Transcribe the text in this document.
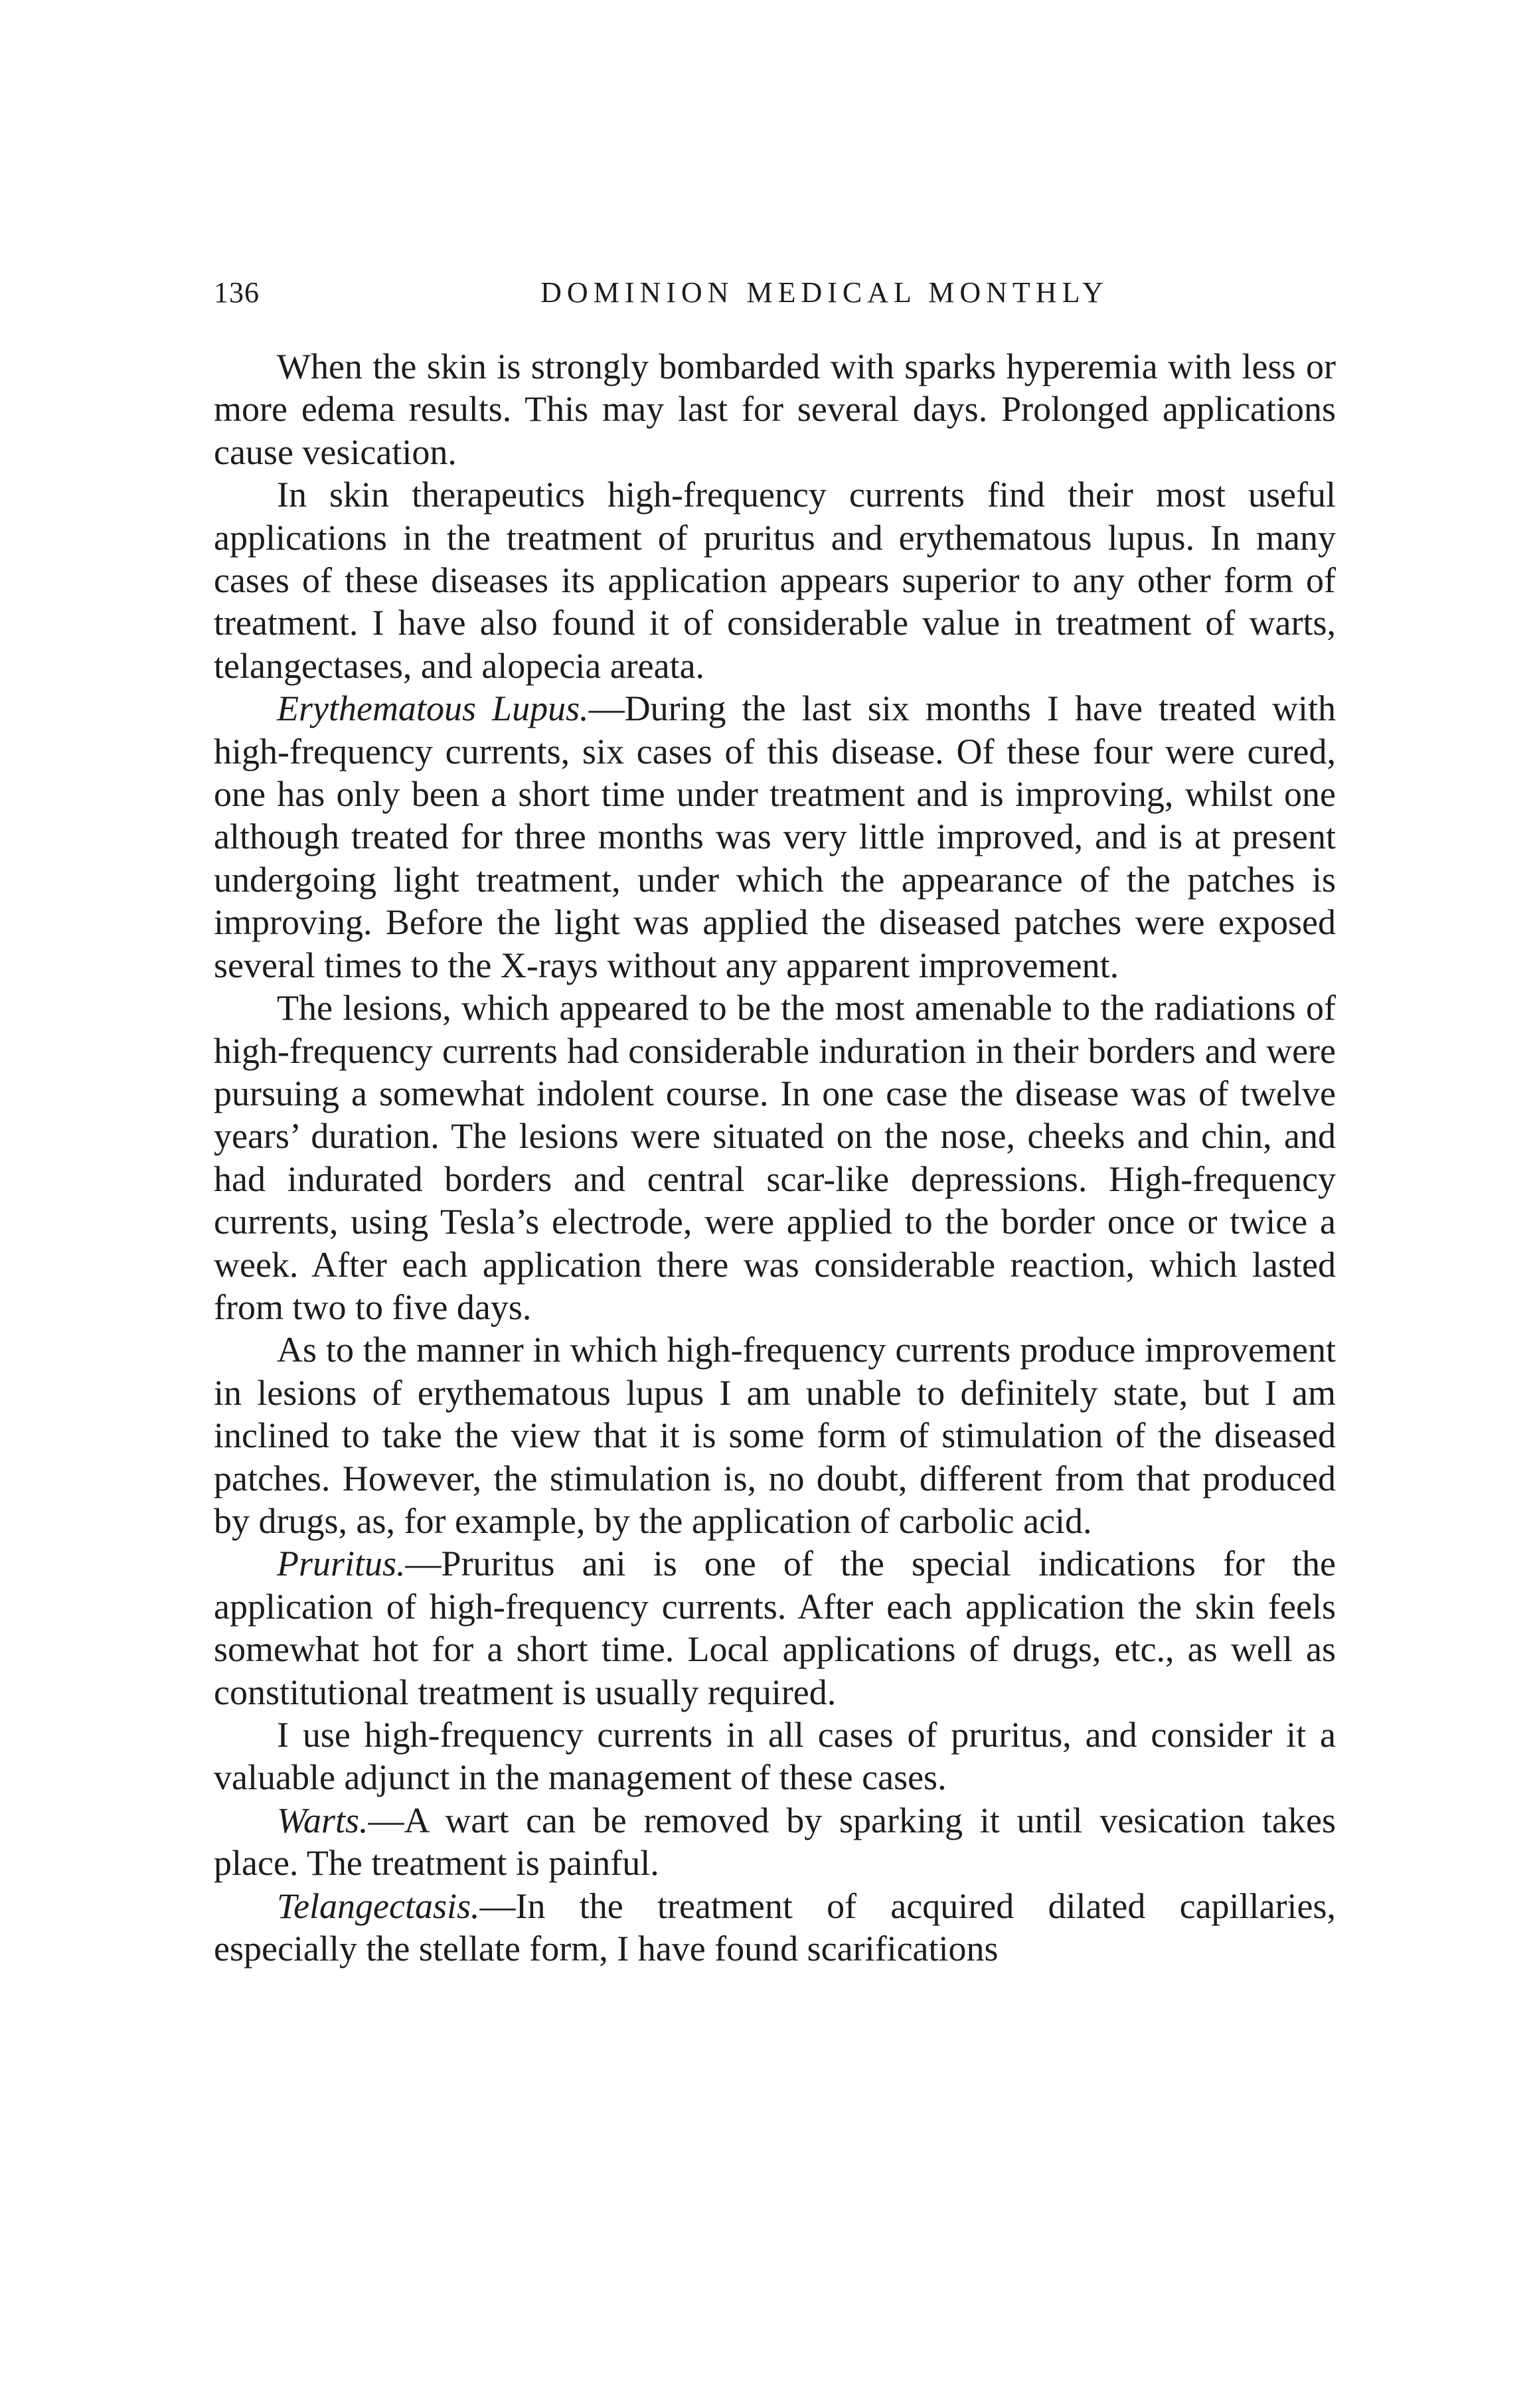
136	DOMINION MEDICAL MONTHLY

When the skin is strongly bombarded with sparks hyperemia with less or more edema results. This may last for several days. Prolonged applications cause vesication.

In skin therapeutics high-frequency currents find their most useful applications in the treatment of pruritus and erythematous lupus. In many cases of these diseases its application appears superior to any other form of treatment. I have also found it of considerable value in treatment of warts, telangectases, and alopecia areata.

Erythematous Lupus.—During the last six months I have treated with high-frequency currents, six cases of this disease. Of these four were cured, one has only been a short time under treatment and is improving, whilst one although treated for three months was very little improved, and is at present undergoing light treatment, under which the appearance of the patches is improving. Before the light was applied the diseased patches were exposed several times to the X-rays without any apparent improvement.

The lesions, which appeared to be the most amenable to the radiations of high-frequency currents had considerable induration in their borders and were pursuing a somewhat indolent course. In one case the disease was of twelve years’ duration. The lesions were situated on the nose, cheeks and chin, and had indurated borders and central scar-like depressions. High-frequency currents, using Tesla’s electrode, were applied to the border once or twice a week. After each application there was considerable reaction, which lasted from two to five days.

As to the manner in which high-frequency currents produce improvement in lesions of erythematous lupus I am unable to definitely state, but I am inclined to take the view that it is some form of stimulation of the diseased patches. However, the stimulation is, no doubt, different from that produced by drugs, as, for example, by the application of carbolic acid.

Pruritus.—Pruritus ani is one of the special indications for the application of high-frequency currents. After each application the skin feels somewhat hot for a short time. Local applications of drugs, etc., as well as constitutional treatment is usually required.

I use high-frequency currents in all cases of pruritus, and consider it a valuable adjunct in the management of these cases.

Warts.—A wart can be removed by sparking it until vesication takes place. The treatment is painful.

Telangectasis.—In the treatment of acquired dilated capillaries, especially the stellate form, I have found scarifications
